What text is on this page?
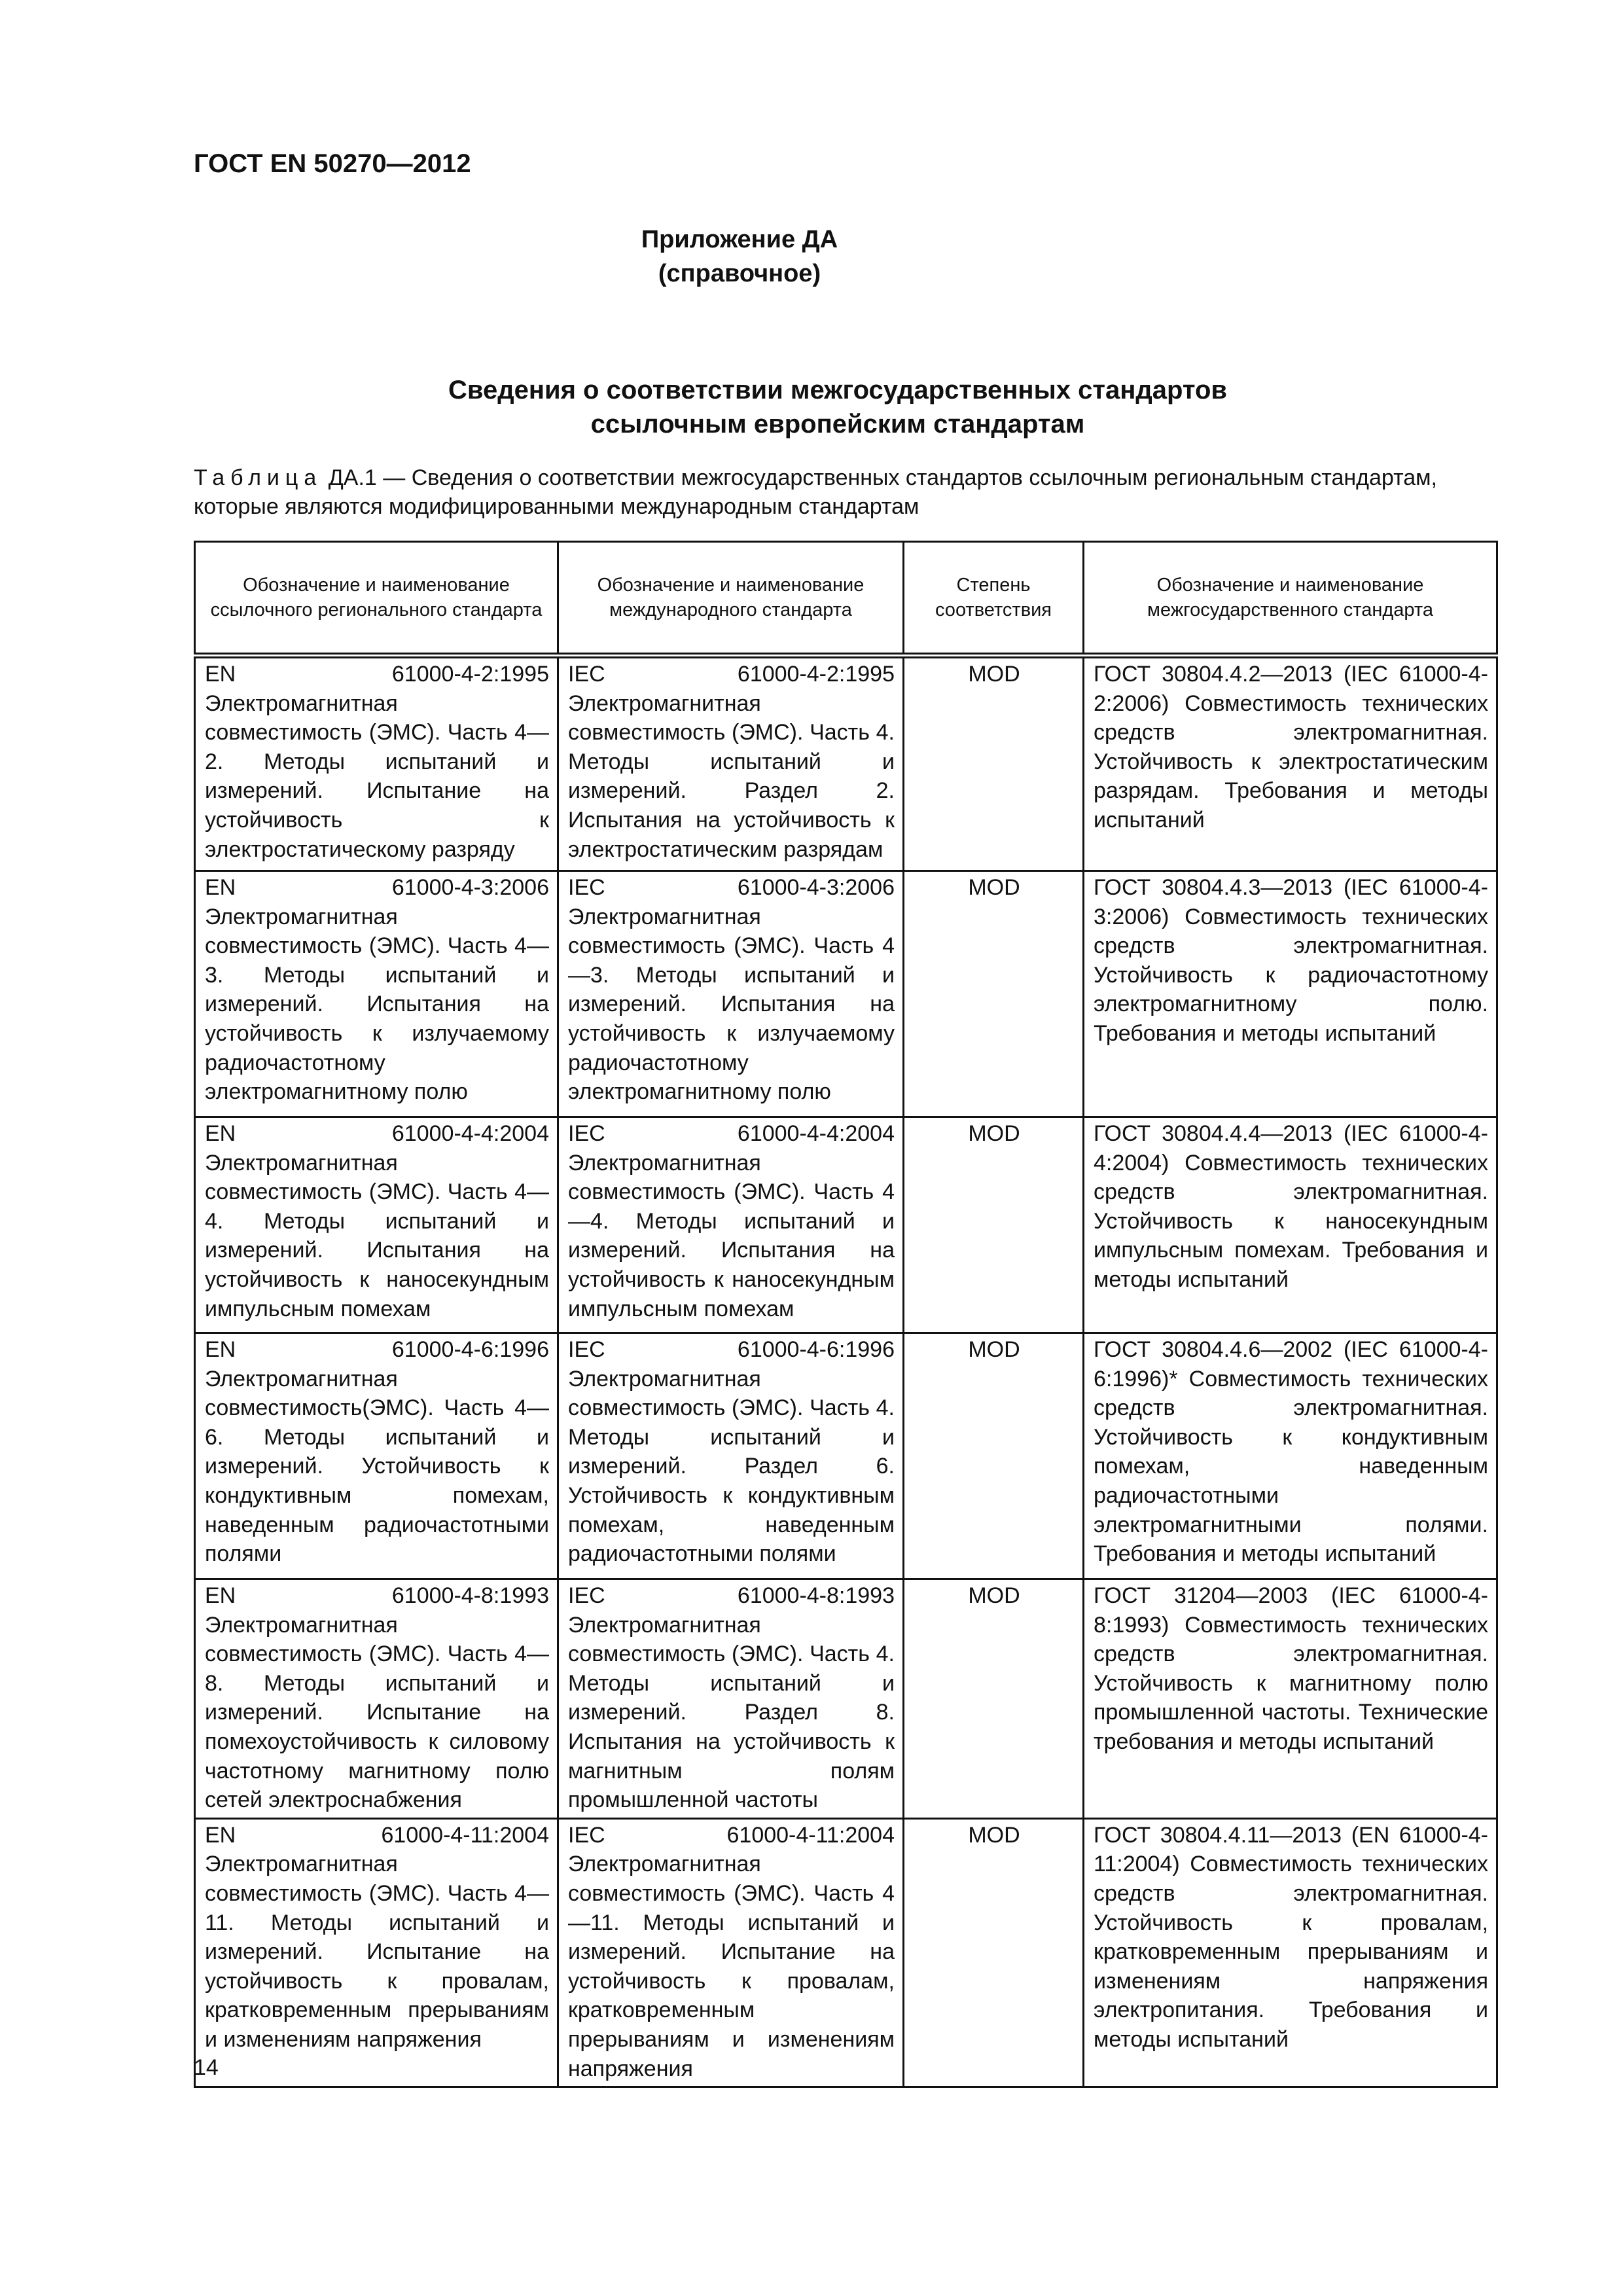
ГОСТ EN 50270—2012
Приложение ДА
(справочное)
Сведения о соответствии межгосударственных стандартов
ссылочным европейским стандартам
Таблица ДА.1 — Сведения о соответствии межгосударственных стандартов ссылочным региональным стандартам, которые являются модифицированными международным стандартам
Обозначение и наименование ссылочного регионального стандарта	Обозначение и наименование международного стандарта	Степень соответствия	Обозначение и наименование межгосударственного стандарта
EN 61000-4-2:1995 Электромагнитная совместимость (ЭМС). Часть 4—2. Методы испытаний и измерений. Испытание на устойчивость к электростатическому разряду	IEC 61000-4-2:1995 Электромагнитная совместимость (ЭМС). Часть 4. Методы испытаний и измерений. Раздел 2. Испытания на устойчивость к электростатическим разрядам	MOD	ГОСТ 30804.4.2—2013 (IEC 61000-4-2:2006) Совместимость технических средств электромагнитная. Устойчивость к электростатическим разрядам. Требования и методы испытаний
EN 61000-4-3:2006 Электромагнитная совместимость (ЭМС). Часть 4—3. Методы испытаний и измерений. Испытания на устойчивость к излучаемому радиочастотному электромагнитному полю	IEC 61000-4-3:2006 Электромагнитная совместимость (ЭМС). Часть 4—3. Методы испытаний и измерений. Испытания на устойчивость к излучаемому радиочастотному электромагнитному полю	MOD	ГОСТ 30804.4.3—2013 (IEC 61000-4-3:2006) Совместимость технических средств электромагнитная. Устойчивость к радиочастотному электромагнитному полю. Требования и методы испытаний
EN 61000-4-4:2004 Электромагнитная совместимость (ЭМС). Часть 4—4. Методы испытаний и измерений. Испытания на устойчивость к наносекундным импульсным помехам	IEC 61000-4-4:2004 Электромагнитная совместимость (ЭМС). Часть 4—4. Методы испытаний и измерений. Испытания на устойчивость к наносекундным импульсным помехам	MOD	ГОСТ 30804.4.4—2013 (IEC 61000-4-4:2004) Совместимость технических средств электромагнитная. Устойчивость к наносекундным импульсным помехам. Требования и методы испытаний
EN 61000-4-6:1996 Электромагнитная совместимость(ЭМС). Часть 4—6. Методы испытаний и измерений. Устойчивость к кондуктивным помехам, наведенным радиочастотными полями	IEC 61000-4-6:1996 Электромагнитная совместимость (ЭМС). Часть 4. Методы испытаний и измерений. Раздел 6. Устойчивость к кондуктивным помехам, наведенным радиочастотными полями	MOD	ГОСТ 30804.4.6—2002 (IEC 61000-4-6:1996)* Совместимость технических средств электромагнитная. Устойчивость к кондуктивным помехам, наведенным радиочастотными электромагнитными полями. Требования и методы испытаний
EN 61000-4-8:1993 Электромагнитная совместимость (ЭМС). Часть 4—8. Методы испытаний и измерений. Испытание на помехоустойчивость к силовому частотному магнитному полю сетей электроснабжения	IEC 61000-4-8:1993 Электромагнитная совместимость (ЭМС). Часть 4. Методы испытаний и измерений. Раздел 8. Испытания на устойчивость к магнитным полям промышленной частоты	MOD	ГОСТ 31204—2003 (IEC 61000-4-8:1993) Совместимость технических средств электромагнитная. Устойчивость к магнитному полю промышленной частоты. Технические требования и методы испытаний
EN 61000-4-11:2004 Электромагнитная совместимость (ЭМС). Часть 4—11. Методы испытаний и измерений. Испытание на устойчивость к провалам, кратковременным прерываниям и изменениям напряжения	IEC 61000-4-11:2004 Электромагнитная совместимость (ЭМС). Часть 4—11. Методы испытаний и измерений. Испытание на устойчивость к провалам, кратковременным прерываниям и изменениям напряжения	MOD	ГОСТ 30804.4.11—2013 (EN 61000-4-11:2004) Совместимость технических средств электромагнитная. Устойчивость к провалам, кратковременным прерываниям и изменениям напряжения электропитания. Требования и методы испытаний
14
